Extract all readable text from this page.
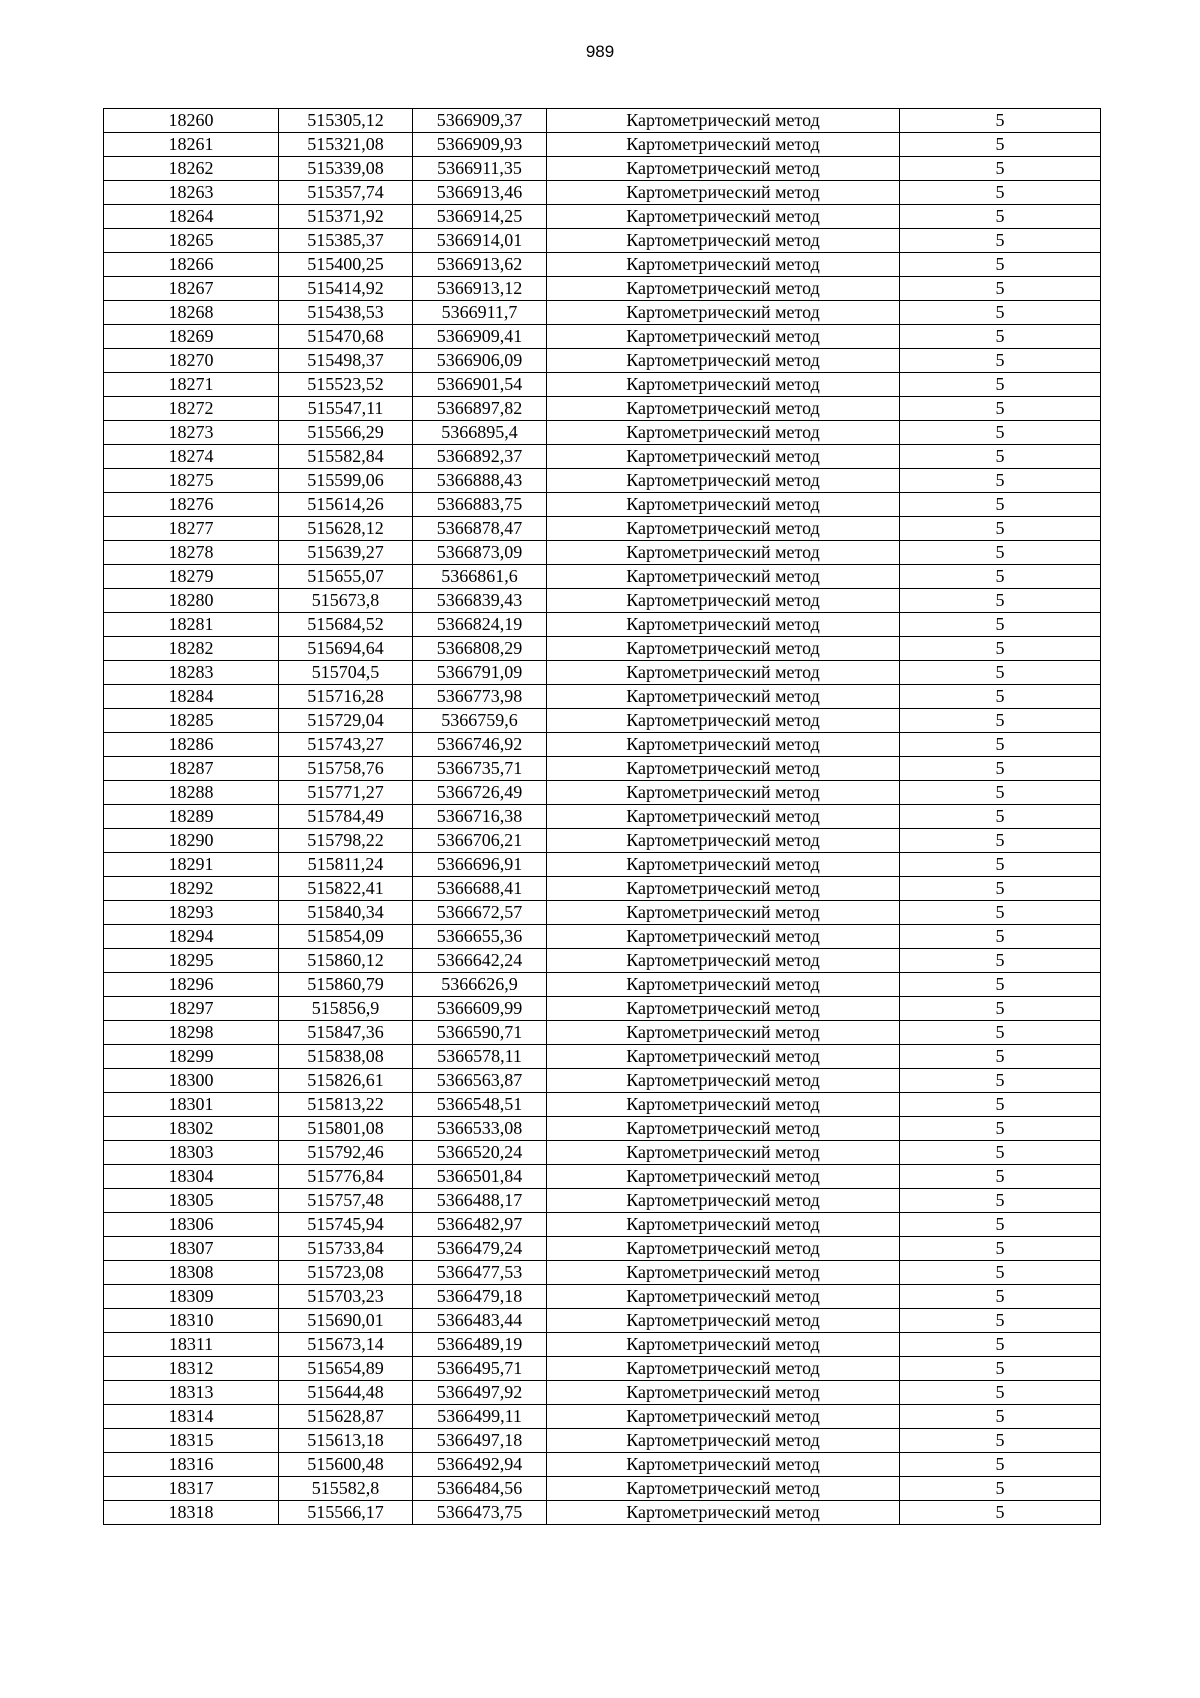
989
18260	515305,12	5366909,37	Картометрический метод	5
18261	515321,08	5366909,93	Картометрический метод	5
18262	515339,08	5366911,35	Картометрический метод	5
18263	515357,74	5366913,46	Картометрический метод	5
18264	515371,92	5366914,25	Картометрический метод	5
18265	515385,37	5366914,01	Картометрический метод	5
18266	515400,25	5366913,62	Картометрический метод	5
18267	515414,92	5366913,12	Картометрический метод	5
18268	515438,53	5366911,7	Картометрический метод	5
18269	515470,68	5366909,41	Картометрический метод	5
18270	515498,37	5366906,09	Картометрический метод	5
18271	515523,52	5366901,54	Картометрический метод	5
18272	515547,11	5366897,82	Картометрический метод	5
18273	515566,29	5366895,4	Картометрический метод	5
18274	515582,84	5366892,37	Картометрический метод	5
18275	515599,06	5366888,43	Картометрический метод	5
18276	515614,26	5366883,75	Картометрический метод	5
18277	515628,12	5366878,47	Картометрический метод	5
18278	515639,27	5366873,09	Картометрический метод	5
18279	515655,07	5366861,6	Картометрический метод	5
18280	515673,8	5366839,43	Картометрический метод	5
18281	515684,52	5366824,19	Картометрический метод	5
18282	515694,64	5366808,29	Картометрический метод	5
18283	515704,5	5366791,09	Картометрический метод	5
18284	515716,28	5366773,98	Картометрический метод	5
18285	515729,04	5366759,6	Картометрический метод	5
18286	515743,27	5366746,92	Картометрический метод	5
18287	515758,76	5366735,71	Картометрический метод	5
18288	515771,27	5366726,49	Картометрический метод	5
18289	515784,49	5366716,38	Картометрический метод	5
18290	515798,22	5366706,21	Картометрический метод	5
18291	515811,24	5366696,91	Картометрический метод	5
18292	515822,41	5366688,41	Картометрический метод	5
18293	515840,34	5366672,57	Картометрический метод	5
18294	515854,09	5366655,36	Картометрический метод	5
18295	515860,12	5366642,24	Картометрический метод	5
18296	515860,79	5366626,9	Картометрический метод	5
18297	515856,9	5366609,99	Картометрический метод	5
18298	515847,36	5366590,71	Картометрический метод	5
18299	515838,08	5366578,11	Картометрический метод	5
18300	515826,61	5366563,87	Картометрический метод	5
18301	515813,22	5366548,51	Картометрический метод	5
18302	515801,08	5366533,08	Картометрический метод	5
18303	515792,46	5366520,24	Картометрический метод	5
18304	515776,84	5366501,84	Картометрический метод	5
18305	515757,48	5366488,17	Картометрический метод	5
18306	515745,94	5366482,97	Картометрический метод	5
18307	515733,84	5366479,24	Картометрический метод	5
18308	515723,08	5366477,53	Картометрический метод	5
18309	515703,23	5366479,18	Картометрический метод	5
18310	515690,01	5366483,44	Картометрический метод	5
18311	515673,14	5366489,19	Картометрический метод	5
18312	515654,89	5366495,71	Картометрический метод	5
18313	515644,48	5366497,92	Картометрический метод	5
18314	515628,87	5366499,11	Картометрический метод	5
18315	515613,18	5366497,18	Картометрический метод	5
18316	515600,48	5366492,94	Картометрический метод	5
18317	515582,8	5366484,56	Картометрический метод	5
18318	515566,17	5366473,75	Картометрический метод	5
